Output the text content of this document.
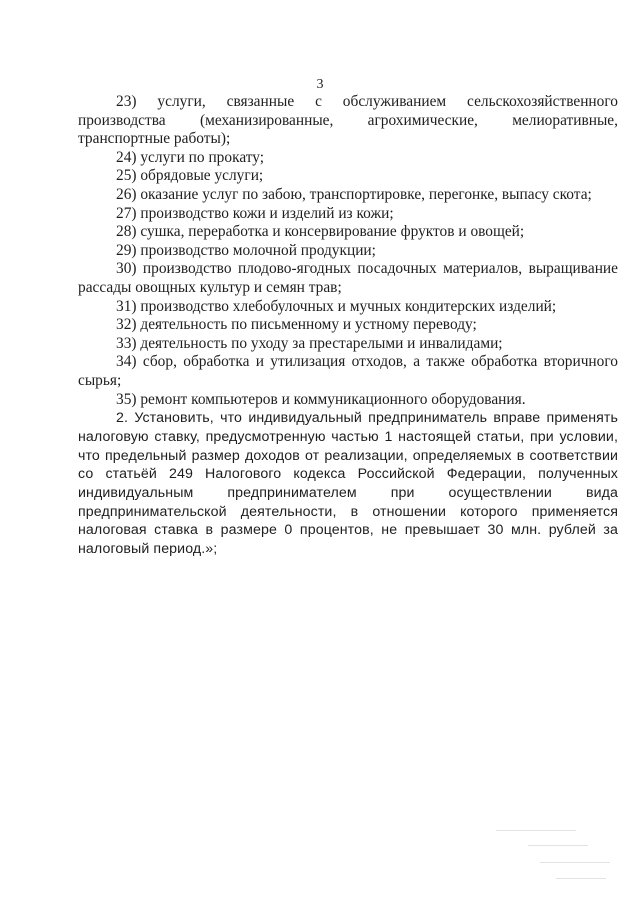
3

23) услуги, связанные с обслуживанием сельскохозяйственного производства (механизированные, агрохимические, мелиоративные, транспортные работы);

24) услуги по прокату;

25) обрядовые услуги;

26) оказание услуг по забою, транспортировке, перегонке, выпасу скота;

27) производство кожи и изделий из кожи;

28) сушка, переработка и консервирование фруктов и овощей;

29) производство молочной продукции;

30) производство плодово-ягодных посадочных материалов, выращивание рассады овощных культур и семян трав;

31) производство хлебобулочных и мучных кондитерских изделий;

32) деятельность по письменному и устному переводу;

33) деятельность по уходу за престарелыми и инвалидами;

34) сбор, обработка и утилизация отходов, а также обработка вторичного сырья;

35) ремонт компьютеров и коммуникационного оборудования.

2. Установить, что индивидуальный предприниматель вправе применять налоговую ставку, предусмотренную частью 1 настоящей статьи, при условии, что предельный размер доходов от реализации, определяемых в соответствии со статьёй 249 Налогового кодекса Российской Федерации, полученных индивидуальным предпринимателем при осуществлении вида предпринимательской деятельности, в отношении которого применяется налоговая ставка в размере 0 процентов, не превышает 30 млн. рублей за налоговый период.»;
